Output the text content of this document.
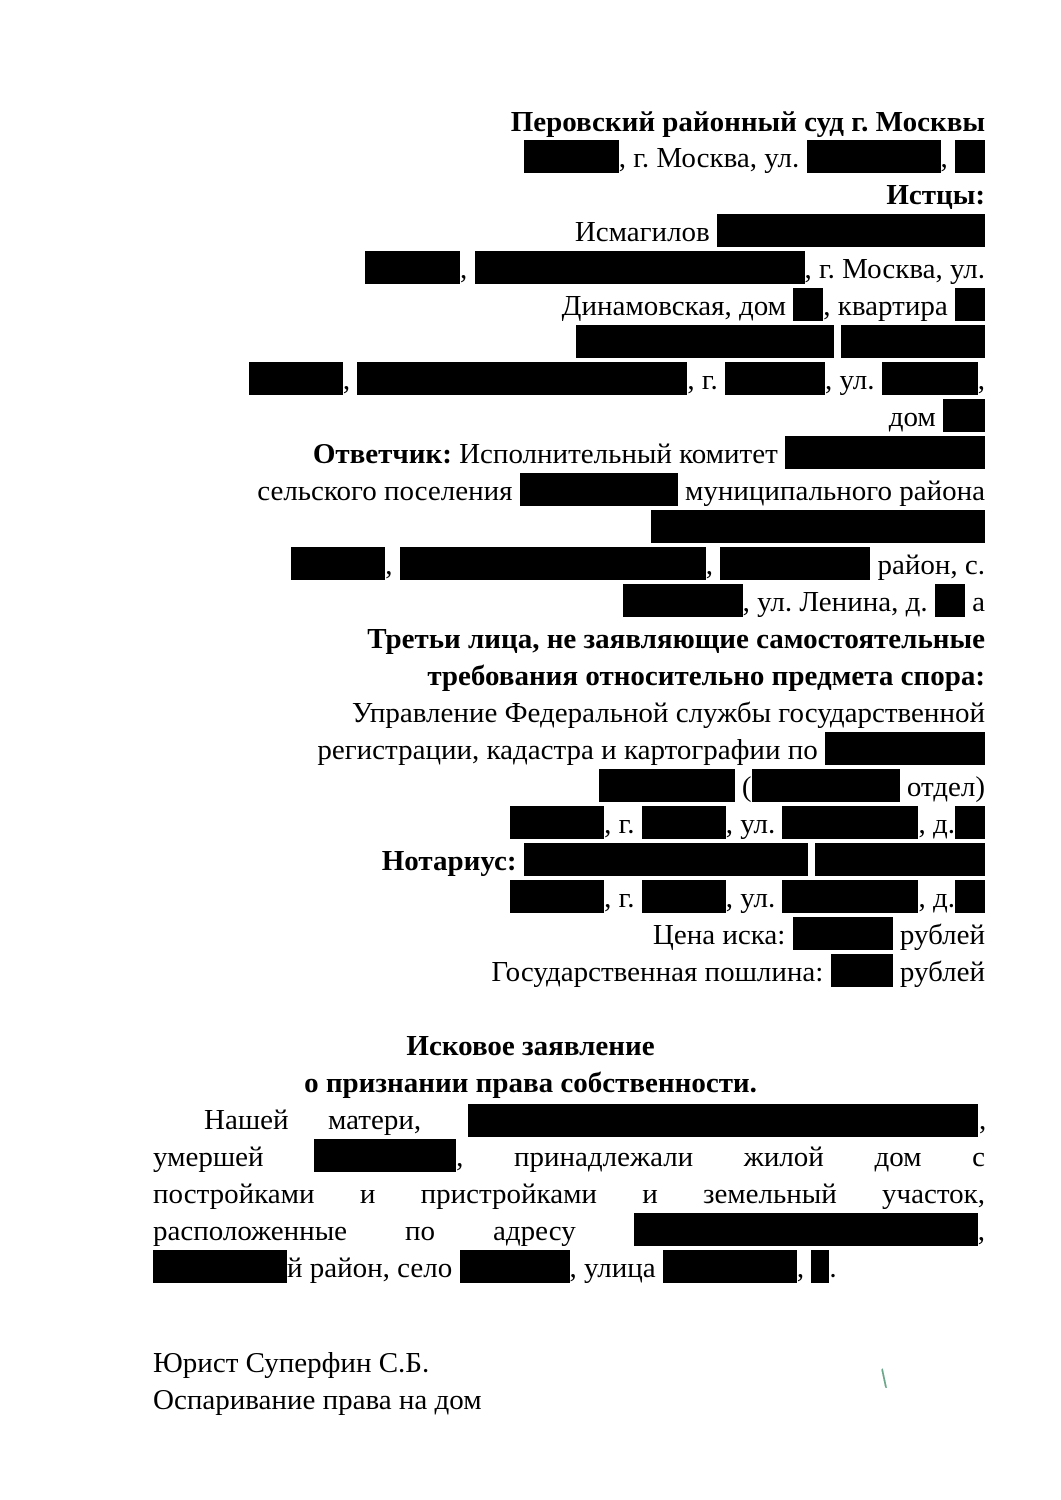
Перовский районный суд г. Москвы
, г. Москва, ул.	,
Истцы:
Исмагилов
,	, г. Москва, ул.
Динамовская, дом , квартира

,	, г.	, ул.	,
дом
Ответчик: Исполнительный комитет
сельского поселения	муниципального района
,	,	район, с.
, ул. Ленина, д. а
Третьи лица, не заявляющие самостоятельные
требования относительно предмета спора:
Управление Федеральной службы государственной
регистрации, кадастра и картографии по
(	отдел)
, г.	, ул.	, д.
Нотариус:
, г.	, ул.	, д.
Цена иска:	рублей
Государственная пошлина:	рублей
Исковое заявление
о признании права собственности.
Нашей матери,	,
умершей	, принадлежали жилой дом с
постройками и пристройками и земельный участок,
расположенные по адресу	,
й район, село	, улица	, .
Юрист Суперфин С.Б.
Оспаривание права на дом
